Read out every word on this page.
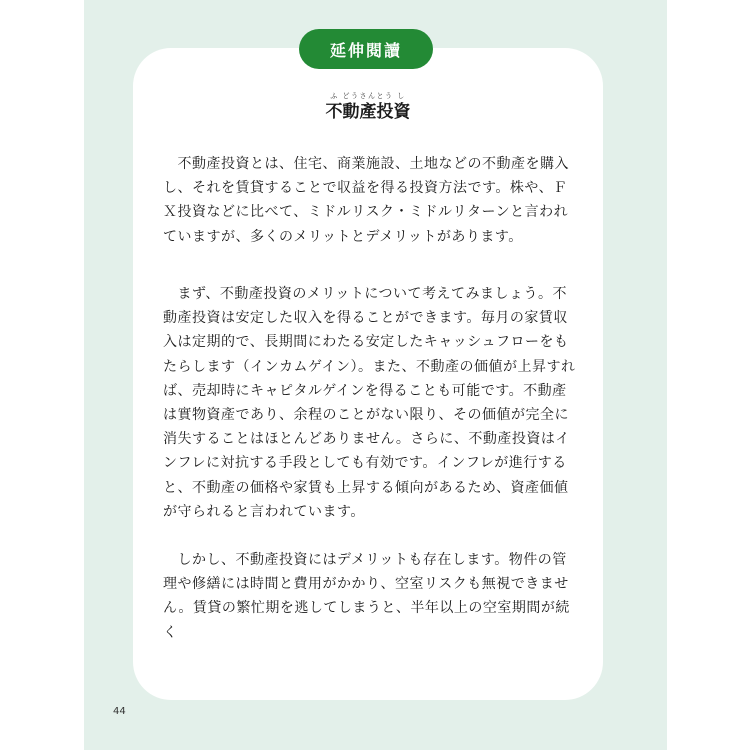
延伸閱讀
ふ どうさんとう し
不動產投資
　不動產投資とは、住宅、商業施設、土地などの不動產を購入し、それを賃貸することで収益を得る投資方法です。株や、ＦＸ投資などに比べて、ミドルリスク・ミドルリターンと言われていますが、多くのメリットとデメリットがあります。
　まず、不動產投資のメリットについて考えてみましょう。不動產投資は安定した収入を得ることができます。毎月の家賃収入は定期的で、長期間にわたる安定したキャッシュフローをもたらします（インカムゲイン）。また、不動產の価値が上昇すれば、売却時にキャピタルゲインを得ることも可能です。不動產は實物資產であり、余程のことがない限り、その価値が完全に消失することはほとんどありません。さらに、不動產投資はインフレに対抗する手段としても有効です。インフレが進行すると、不動產の価格や家賃も上昇する傾向があるため、資產価値が守られると言われています。
　しかし、不動產投資にはデメリットも存在します。物件の管理や修繕には時間と費用がかかり、空室リスクも無視できません。賃貸の繁忙期を逃してしまうと、半年以上の空室期間が続く
44
